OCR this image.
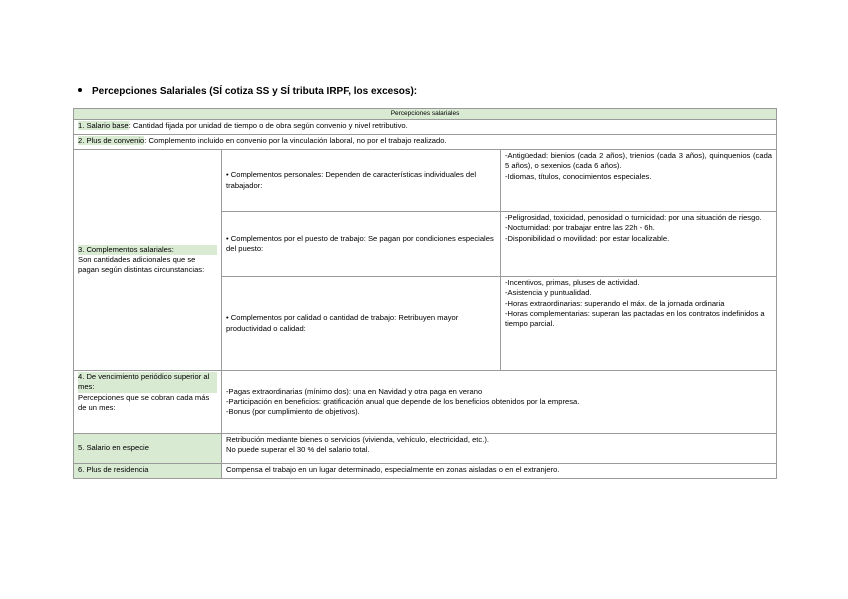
Percepciones Salariales (SÍ cotiza SS y SÍ tributa IRPF, los excesos):
Percepciones salariales		
1. Salario base: Cantidad fijada por unidad de tiempo o de obra según convenio y nivel retributivo.		
2. Plus de convenio: Complemento incluido en convenio por la vinculación laboral, no por el trabajo realizado.		

3. Complementos salariales:
Son cantidades adicionales que se pagan según distintas circunstancias:	• Complementos personales: Dependen de características individuales del trabajador:	-Antigüedad: bienios (cada 2 años), trienios (cada 3 años), quinquenios (cada 5 años), o sexenios (cada 6 años).
-Idiomas, títulos, conocimientos especiales.

	• Complementos por el puesto de trabajo: Se pagan por condiciones especiales del puesto:	-Peligrosidad, toxicidad, penosidad o turnicidad: por una situación de riesgo.
-Nocturnidad: por trabajar entre las 22h - 6h.
-Disponibilidad o movilidad: por estar localizable.

	• Complementos por calidad o cantidad de trabajo: Retribuyen mayor productividad o calidad:	-Incentivos, primas, pluses de actividad.
-Asistencia y puntualidad.
-Horas extraordinarias: superando el máx. de la jornada ordinaria
-Horas complementarias: superan las pactadas en los contratos indefinidos a tiempo parcial.

4. De vencimiento periódico superior al mes:
Percepciones que se cobran cada más de un mes:	-Pagas extraordinarias (mínimo dos): una en Navidad y otra paga en verano
-Participación en beneficios: gratificación anual que depende de los beneficios obtenidos por la empresa.
-Bonus (por cumplimiento de objetivos).	

5. Salario en especie	Retribución mediante bienes o servicios (vivienda, vehículo, electricidad, etc.).
No puede superar el 30 % del salario total.	

6. Plus de residencia	Compensa el trabajo en un lugar determinado, especialmente en zonas aisladas o en el extranjero.	
